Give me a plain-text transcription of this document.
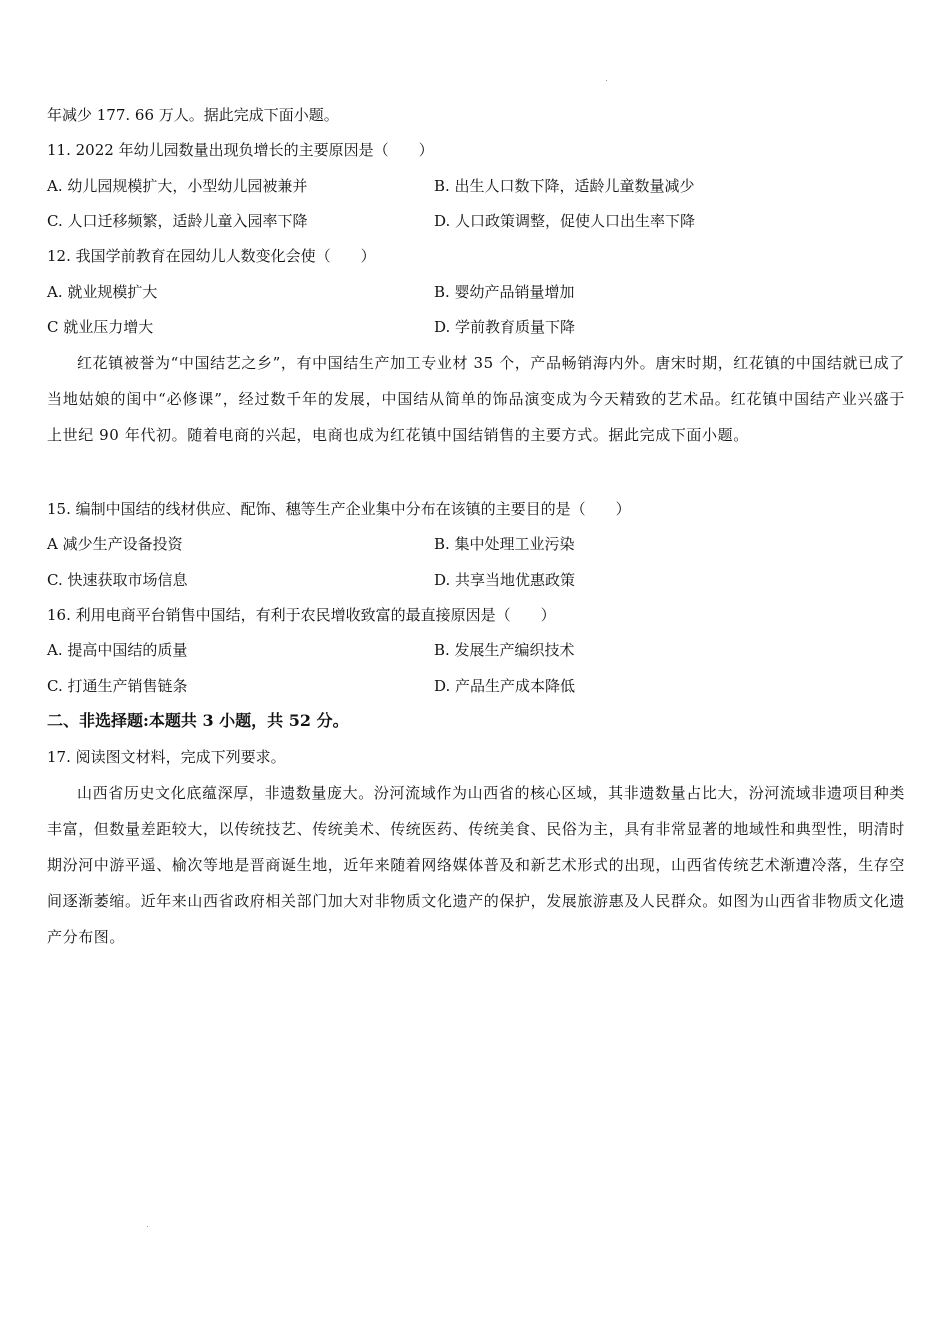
年减少 177. 66 万人。据此完成下面小题。
11. 2022 年幼儿园数量出现负增长的主要原因是（　　）
A. 幼儿园规模扩大，小型幼儿园被兼并	B. 出生人口数下降，适龄儿童数量减少
C. 人口迁移频繁，适龄儿童入园率下降	D. 人口政策调整，促使人口出生率下降
12. 我国学前教育在园幼儿人数变化会使（　　）
A. 就业规模扩大	B. 婴幼产品销量增加
C 就业压力增大	D. 学前教育质量下降
红花镇被誉为“中国结艺之乡”，有中国结生产加工专业材 35 个，产品畅销海内外。唐宋时期，红花镇的中国结就已成了当地姑娘的闺中“必修课”，经过数千年的发展，中国结从简单的饰品演变成为今天精致的艺术品。红花镇中国结产业兴盛于上世纪 90 年代初。随着电商的兴起，电商也成为红花镇中国结销售的主要方式。据此完成下面小题。
15. 编制中国结的线材供应、配饰、穗等生产企业集中分布在该镇的主要目的是（　　）
A 减少生产设备投资	B. 集中处理工业污染
C. 快速获取市场信息	D. 共享当地优惠政策
16. 利用电商平台销售中国结，有利于农民增收致富的最直接原因是（　　）
A. 提高中国结的质量	B. 发展生产编织技术
C. 打通生产销售链条	D. 产品生产成本降低
二、非选择题:本题共 3 小题，共 52 分。
17. 阅读图文材料，完成下列要求。
山西省历史文化底蕴深厚，非遗数量庞大。汾河流域作为山西省的核心区域，其非遗数量占比大，汾河流域非遗项目种类丰富，但数量差距较大，以传统技艺、传统美术、传统医药、传统美食、民俗为主，具有非常显著的地域性和典型性，明清时期汾河中游平遥、榆次等地是晋商诞生地，近年来随着网络媒体普及和新艺术形式的出现，山西省传统艺术渐遭冷落，生存空间逐渐萎缩。近年来山西省政府相关部门加大对非物质文化遗产的保护，发展旅游惠及人民群众。如图为山西省非物质文化遗产分布图。
